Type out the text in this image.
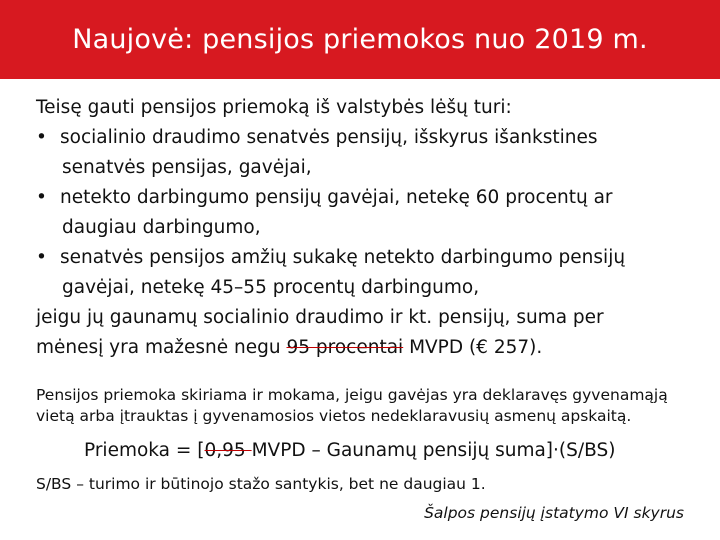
Naujovė: pensijos priemokos nuo 2019 m.
Teisę gauti pensijos priemoką iš valstybės lėšų turi:
• socialinio draudimo senatvės pensijų, išskyrus išankstines
senatvės pensijas, gavėjai,
• netekto darbingumo pensijų gavėjai, netekę 60 procentų ar
daugiau darbingumo,
• senatvės pensijos amžių sukakę netekto darbingumo pensijų
gavėjai, netekę 45–55 procentų darbingumo,
jeigu jų gaunamų socialinio draudimo ir kt. pensijų, suma per
mėnesį yra mažesnė negu 95 procentai MVPD (€ 257).
Pensijos priemoka skiriama ir mokama, jeigu gavėjas yra deklaravęs gyvenamąją
vietą arba įtrauktas į gyvenamosios vietos nedeklaravusių asmenų apskaitą.
Priemoka = [0,95 MVPD – Gaunamų pensijų suma]·(S/BS)
S/BS – turimo ir būtinojo stažo santykis, bet ne daugiau 1.
Šalpos pensijų įstatymo VI skyrus
